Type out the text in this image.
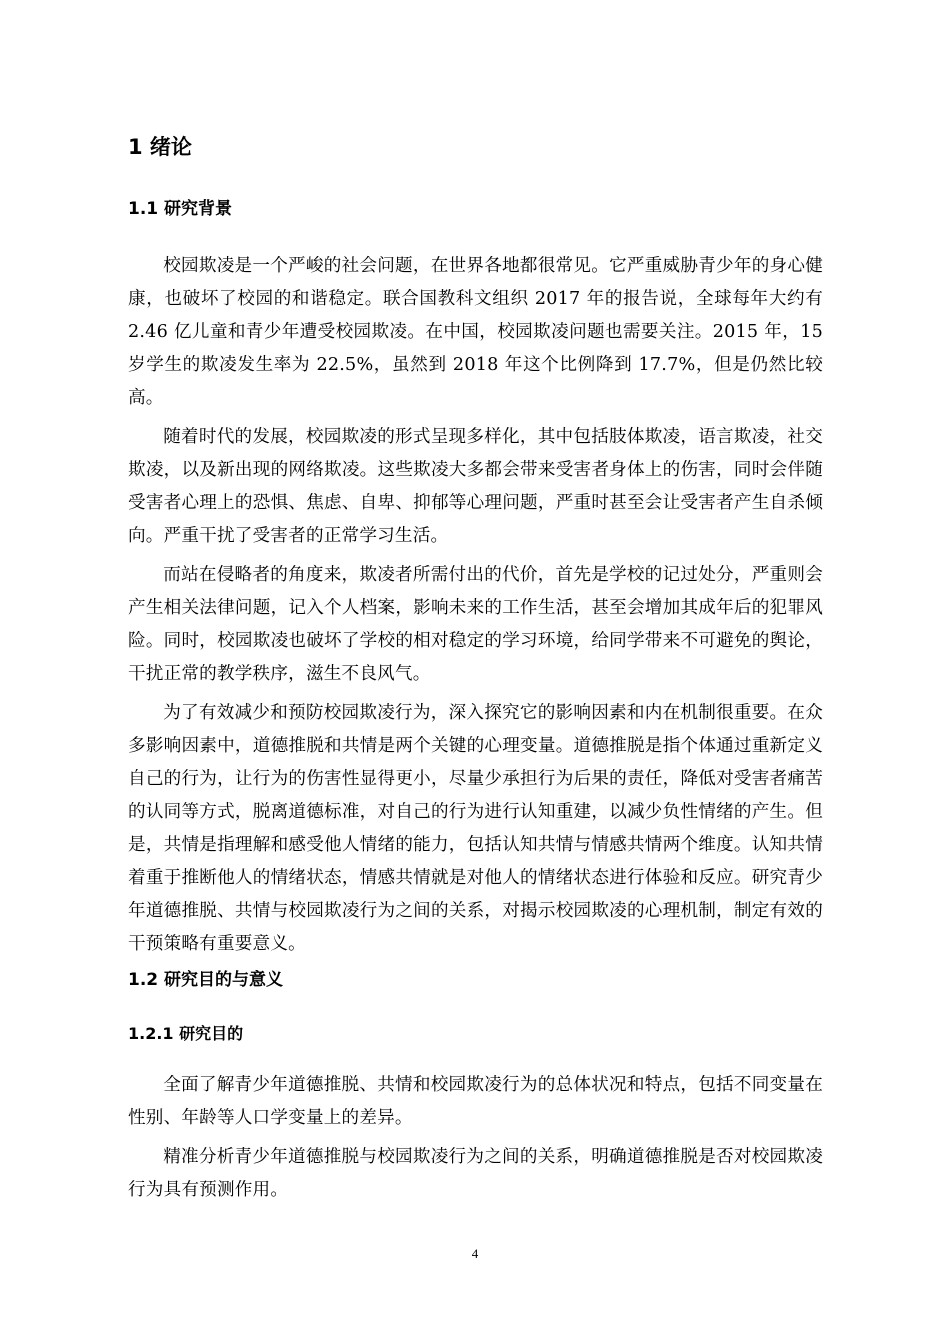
1 绪论
1.1 研究背景

校园欺凌是一个严峻的社会问题，在世界各地都很常见。它严重威胁青少年的身心健康，也破坏了校园的和谐稳定。联合国教科文组织 2017 年的报告说，全球每年大约有 2.46 亿儿童和青少年遭受校园欺凌。在中国，校园欺凌问题也需要关注。2015 年，15 岁学生的欺凌发生率为 22.5%，虽然到 2018 年这个比例降到 17.7%，但是仍然比较高。

随着时代的发展，校园欺凌的形式呈现多样化，其中包括肢体欺凌，语言欺凌，社交欺凌，以及新出现的网络欺凌。这些欺凌大多都会带来受害者身体上的伤害，同时会伴随受害者心理上的恐惧、焦虑、自卑、抑郁等心理问题，严重时甚至会让受害者产生自杀倾向。严重干扰了受害者的正常学习生活。

而站在侵略者的角度来，欺凌者所需付出的代价，首先是学校的记过处分，严重则会产生相关法律问题，记入个人档案，影响未来的工作生活，甚至会增加其成年后的犯罪风险。同时，校园欺凌也破坏了学校的相对稳定的学习环境，给同学带来不可避免的舆论，干扰正常的教学秩序，滋生不良风气。

为了有效减少和预防校园欺凌行为，深入探究它的影响因素和内在机制很重要。在众多影响因素中，道德推脱和共情是两个关键的心理变量。道德推脱是指个体通过重新定义自己的行为，让行为的伤害性显得更小，尽量少承担行为后果的责任，降低对受害者痛苦的认同等方式，脱离道德标准，对自己的行为进行认知重建，以减少负性情绪的产生。但是，共情是指理解和感受他人情绪的能力，包括认知共情与情感共情两个维度。认知共情着重于推断他人的情绪状态，情感共情就是对他人的情绪状态进行体验和反应。研究青少年道德推脱、共情与校园欺凌行为之间的关系，对揭示校园欺凌的心理机制，制定有效的干预策略有重要意义。

1.2 研究目的与意义
1.2.1 研究目的

全面了解青少年道德推脱、共情和校园欺凌行为的总体状况和特点，包括不同变量在性别、年龄等人口学变量上的差异。

精准分析青少年道德推脱与校园欺凌行为之间的关系，明确道德推脱是否对校园欺凌行为具有预测作用。

4
